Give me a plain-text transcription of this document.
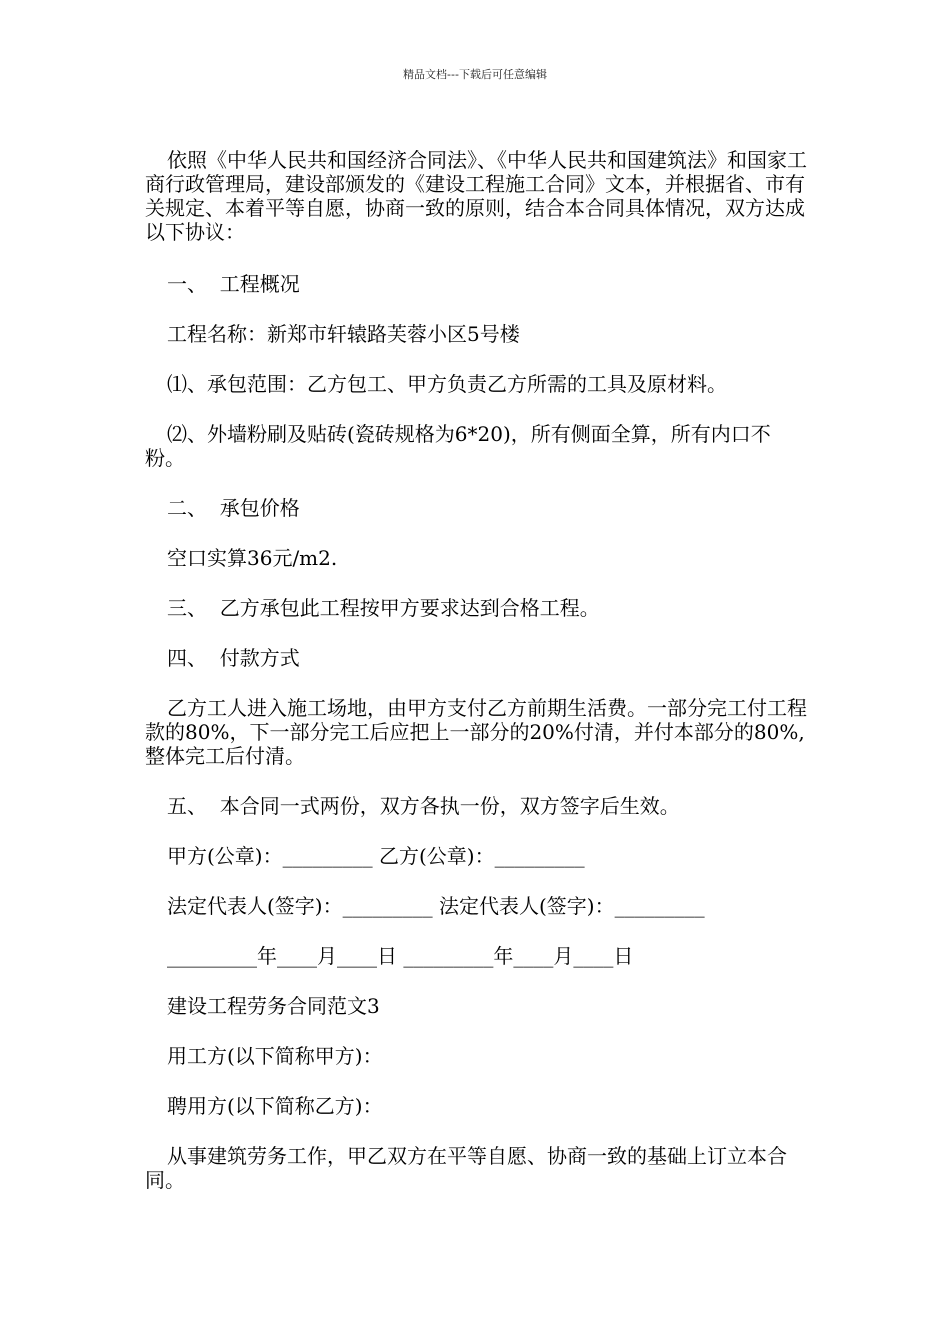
精品文档---下载后可任意编辑

依照《中华人民共和国经济合同法》、《中华人民共和国建筑法》和国家工商行政管理局，建设部颁发的《建设工程施工合同》文本，并根据省、市有关规定、本着平等自愿，协商一致的原则，结合本合同具体情况，双方达成以下协议：

一、  工程概况

工程名称：新郑市轩辕路芙蓉小区5号楼

⑴、承包范围：乙方包工、甲方负责乙方所需的工具及原材料。

⑵、外墙粉刷及贴砖(瓷砖规格为6*20)，所有侧面全算，所有内口不粉。

二、  承包价格

空口实算36元/m2.

三、  乙方承包此工程按甲方要求达到合格工程。

四、  付款方式

乙方工人进入施工场地，由甲方支付乙方前期生活费。一部分完工付工程款的80%，下一部分完工后应把上一部分的20%付清，并付本部分的80%, 整体完工后付清。

五、  本合同一式两份，双方各执一份，双方签字后生效。

甲方(公章)：_________ 乙方(公章)：_________

法定代表人(签字)：_________ 法定代表人(签字)：_________

_________年____月____日 _________年____月____日

建设工程劳务合同范文3

用工方(以下简称甲方)：

聘用方(以下简称乙方)：

从事建筑劳务工作，甲乙双方在平等自愿、协商一致的基础上订立本合同。
